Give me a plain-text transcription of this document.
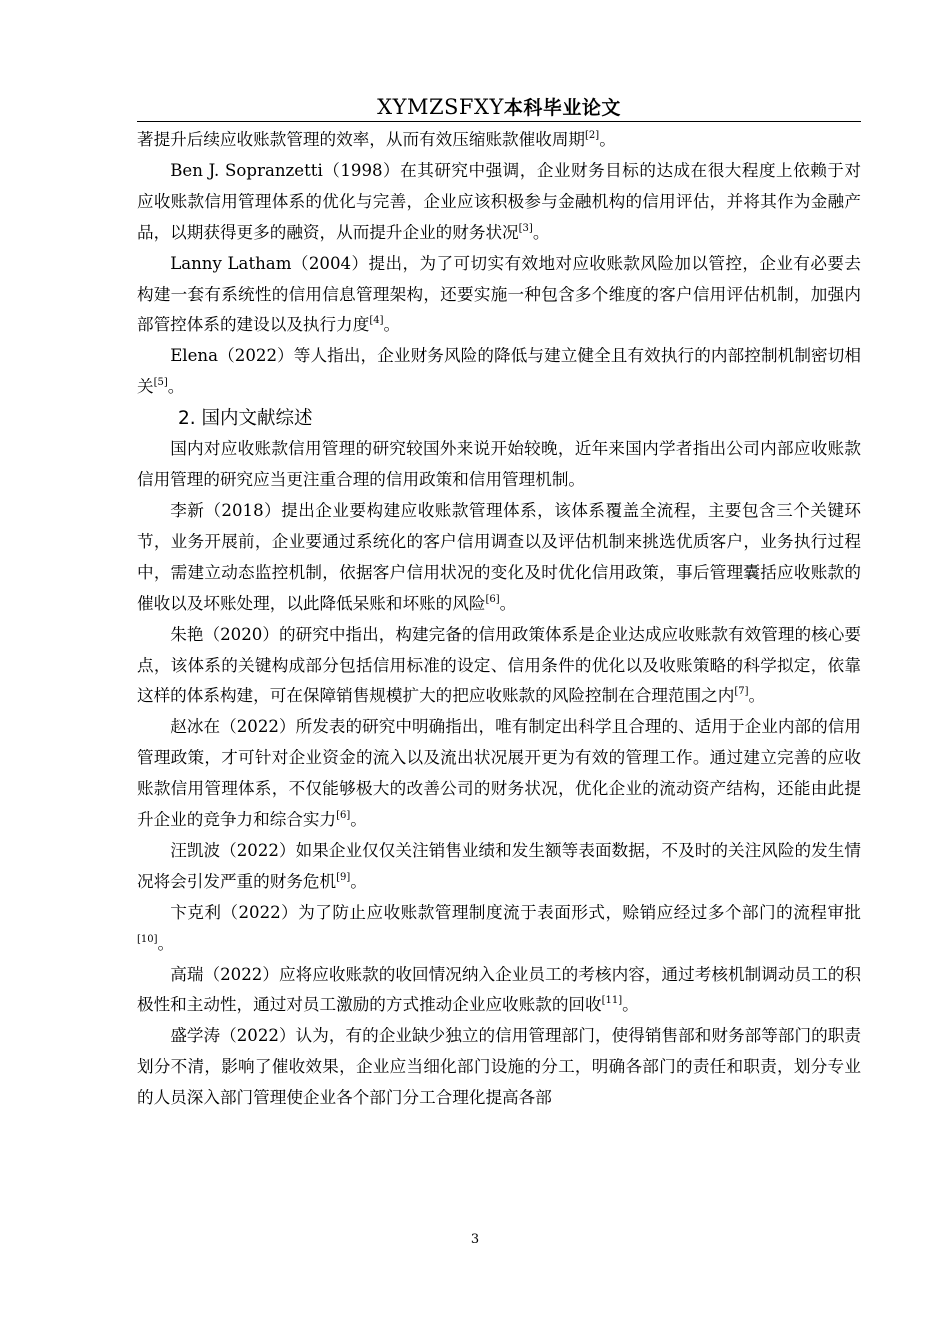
XYMZSFXY本科毕业论文

著提升后续应收账款管理的效率，从而有效压缩账款催收周期[2]。

Ben J. Sopranzetti（1998）在其研究中强调，企业财务目标的达成在很大程度上依赖于对应收账款信用管理体系的优化与完善，企业应该积极参与金融机构的信用评估，并将其作为金融产品，以期获得更多的融资，从而提升企业的财务状况[3]。

Lanny Latham（2004）提出，为了可切实有效地对应收账款风险加以管控，企业有必要去构建一套有系统性的信用信息管理架构，还要实施一种包含多个维度的客户信用评估机制，加强内部管控体系的建设以及执行力度[4]。

Elena（2022）等人指出，企业财务风险的降低与建立健全且有效执行的内部控制机制密切相关[5]。

2. 国内文献综述

国内对应收账款信用管理的研究较国外来说开始较晚，近年来国内学者指出公司内部应收账款信用管理的研究应当更注重合理的信用政策和信用管理机制。

李新（2018）提出企业要构建应收账款管理体系，该体系覆盖全流程，主要包含三个关键环节，业务开展前，企业要通过系统化的客户信用调查以及评估机制来挑选优质客户，业务执行过程中，需建立动态监控机制，依据客户信用状况的变化及时优化信用政策，事后管理囊括应收账款的催收以及坏账处理，以此降低呆账和坏账的风险[6]。

朱艳（2020）的研究中指出，构建完备的信用政策体系是企业达成应收账款有效管理的核心要点，该体系的关键构成部分包括信用标准的设定、信用条件的优化以及收账策略的科学拟定，依靠这样的体系构建，可在保障销售规模扩大的把应收账款的风险控制在合理范围之内[7]。

赵冰在（2022）所发表的研究中明确指出，唯有制定出科学且合理的、适用于企业内部的信用管理政策，才可针对企业资金的流入以及流出状况展开更为有效的管理工作。通过建立完善的应收账款信用管理体系，不仅能够极大的改善公司的财务状况，优化企业的流动资产结构，还能由此提升企业的竞争力和综合实力[6]。

汪凯波（2022）如果企业仅仅关注销售业绩和发生额等表面数据，不及时的关注风险的发生情况将会引发严重的财务危机[9]。

卞克利（2022）为了防止应收账款管理制度流于表面形式，赊销应经过多个部门的流程审批[10]。

高瑞（2022）应将应收账款的收回情况纳入企业员工的考核内容，通过考核机制调动员工的积极性和主动性，通过对员工激励的方式推动企业应收账款的回收[11]。

盛学涛（2022）认为，有的企业缺少独立的信用管理部门，使得销售部和财务部等部门的职责划分不清，影响了催收效果，企业应当细化部门设施的分工，明确各部门的责任和职责，划分专业的人员深入部门管理使企业各个部门分工合理化提高各部

3
